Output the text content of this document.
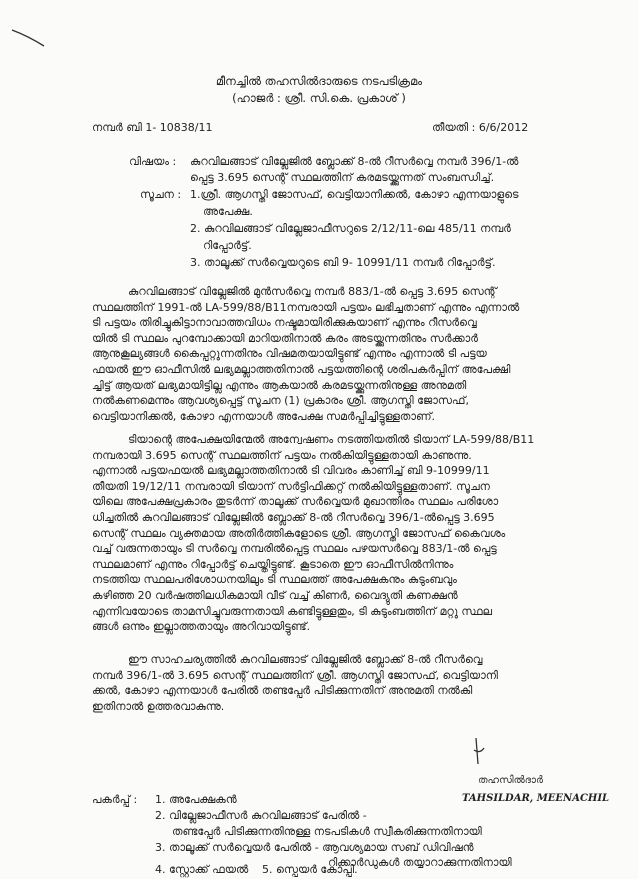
മീനച്ചിൽ തഹസിൽദാരുടെ നടപടിക്രമം
(ഹാജർ : ശ്രീ. സി.കെ. പ്രകാശ് )
നമ്പർ ബി 1- 10838/11	തീയതി : 6/6/2012
വിഷയം : കുറവിലങ്ങാട് വില്ലേജിൽ ബ്ലോക്ക് 8-ൽ റീസർവ്വെ നമ്പർ 396/1-ൽ
പ്പെട്ട 3.695 സെന്റ് സ്ഥലത്തിന് കരമടയ്ക്കുന്നത് സംബന്ധിച്ച്.
സൂചന : 1.ശ്രീ. ആഗസ്തി ജോസഫ്, വെട്ടിയാനിക്കൽ, കോഴാ എന്നയാളുടെ
അപേക്ഷ.
2. കുറവിലങ്ങാട് വില്ലേജാഫീസറുടെ 2/12/11-ലെ 485/11 നമ്പർ
റിപ്പോർട്ട്.
3. താലൂക്ക് സർവ്വെയറുടെ ബി 9- 10991/11 നമ്പർ റിപ്പോർട്ട്.
കുറവിലങ്ങാട് വില്ലേജിൽ മുൻസർവ്വെ നമ്പർ 883/1-ൽ പ്പെട്ട 3.695 സെന്റ്
സ്ഥലത്തിന് 1991-ൽ LA-599/88/B11നമ്പരായി പട്ടയം ലഭിച്ചതാണ് എന്നും എന്നാൽ
ടി പട്ടയം തിരിച്ചുകിട്ടാനാവാത്തവിധം നഷ്ടമായിരിക്കുകയാണ് എന്നും റീസർവ്വെ
യിൽ ടി സ്ഥലം പുറമ്പോക്കായി മാറിയതിനാൽ കരം അടയ്ക്കുന്നതിനും സർക്കാർ
ആനുകൂല്യങ്ങൾ കൈപ്പറ്റുന്നതിനും വിഷമതയായിട്ടുണ്ട് എന്നും എന്നാൽ ടി പട്ടയ
ഫയൽ ഈ ഓഫീസിൽ ലഭ്യമല്ലാത്തതിനാൽ പട്ടയത്തിന്റെ ശരിപകർപ്പിന് അപേക്ഷി
ച്ചിട്ട് ആയത് ലഭ്യമായിട്ടില്ല എന്നും ആകയാൽ കരമടയ്ക്കുന്നതിനുള്ള അനുമതി
നൽകണമെന്നും ആവശ്യപ്പെട്ട് സൂചന (1) പ്രകാരം ശ്രീ. ആഗസ്തി ജോസഫ്,
വെട്ടിയാനിക്കൽ, കോഴാ എന്നയാൾ അപേക്ഷ സമർപ്പിച്ചിട്ടുള്ളതാണ്.
ടിയാന്റെ അപേക്ഷയിന്മേൽ അന്വേഷണം നടത്തിയതിൽ ടിയാന് LA-599/88/B11
നമ്പരായി 3.695 സെന്റ് സ്ഥലത്തിന് പട്ടയം നൽകിയിട്ടുള്ളതായി കാണുന്നു.
എന്നാൽ പട്ടയഫയൽ ലഭ്യമല്ലാത്തതിനാൽ ടി വിവരം കാണിച്ച് ബി 9-10999/11
തീയതി 19/12/11 നമ്പരായി ടിയാന് സർട്ടിഫിക്കറ്റ് നൽകിയിട്ടുള്ളതാണ്. സൂചന
യിലെ അപേക്ഷപ്രകാരം തുടർന്ന് താലൂക്ക് സർവ്വെയർ മുഖാന്തിരം സ്ഥലം പരിശോ
ധിച്ചതിൽ കുറവിലങ്ങാട് വില്ലേജിൽ ബ്ലോക്ക് 8-ൽ റീസർവ്വെ 396/1-ൽപ്പെട്ട 3.695
സെന്റ് സ്ഥലം വ്യക്തമായ അതിർത്തികളോടെ ശ്രീ. ആഗസ്തി ജോസഫ് കൈവശം
വച്ച് വരുന്നതായും ടി സർവ്വെ നമ്പരിൽപ്പെട്ട സ്ഥലം പഴയസർവ്വെ 883/1-ൽ പ്പെട്ട
സ്ഥലമാണ് എന്നും റിപ്പോർട്ട് ചെയ്തിട്ടുണ്ട്. കൂടാതെ ഈ ഓഫീസിൽനിന്നും
നടത്തിയ സ്ഥലപരിശോധനയിലും ടി സ്ഥലത്ത് അപേക്ഷകനും കുടുംബവും
കഴിഞ്ഞ 20 വർഷത്തിലധികമായി വീട് വച്ച് കിണർ, വൈദ്യുതി കണക്ഷൻ
എന്നിവയോടെ താമസിച്ചുവരുന്നതായി കണ്ടിട്ടുള്ളതും, ടി കുടുംബത്തിന് മറ്റു സ്ഥല
ങ്ങൾ ഒന്നും ഇല്ലാത്തതായും അറിവായിട്ടുണ്ട്.
ഈ സാഹചര്യത്തിൽ കുറവിലങ്ങാട് വില്ലേജിൽ ബ്ലോക്ക് 8-ൽ റീസർവ്വെ
നമ്പർ 396/1-ൽ 3.695 സെന്റ് സ്ഥലത്തിന് ശ്രീ. ആഗസ്തി ജോസഫ്, വെട്ടിയാനി
ക്കൽ, കോഴാ എന്നയാൾ പേരിൽ തണ്ടപ്പേർ പിടിക്കുന്നതിന് അനുമതി നൽകി
ഇതിനാൽ ഉത്തരവാകുന്നു.
തഹസിൽദാർ
TAHSILDAR, MEENACHIL
പകർപ്പ് : 1. അപേക്ഷകൻ
2. വില്ലേജാഫീസർ കുറവിലങ്ങാട് പേരിൽ -
തണ്ടപ്പേർ പിടിക്കുന്നതിനുള്ള നടപടികൾ സ്വീകരിക്കുന്നതിനായി
3. താലൂക്ക് സർവ്വെയർ പേരിൽ - ആവശ്യമായ സബ് ഡിവിഷൻ
റിക്കാർഡുകൾ തയ്യാറാക്കുന്നതിനായി
4. സ്റ്റോക്ക് ഫയൽ 5. സ്പെയർ കോപ്പി.
